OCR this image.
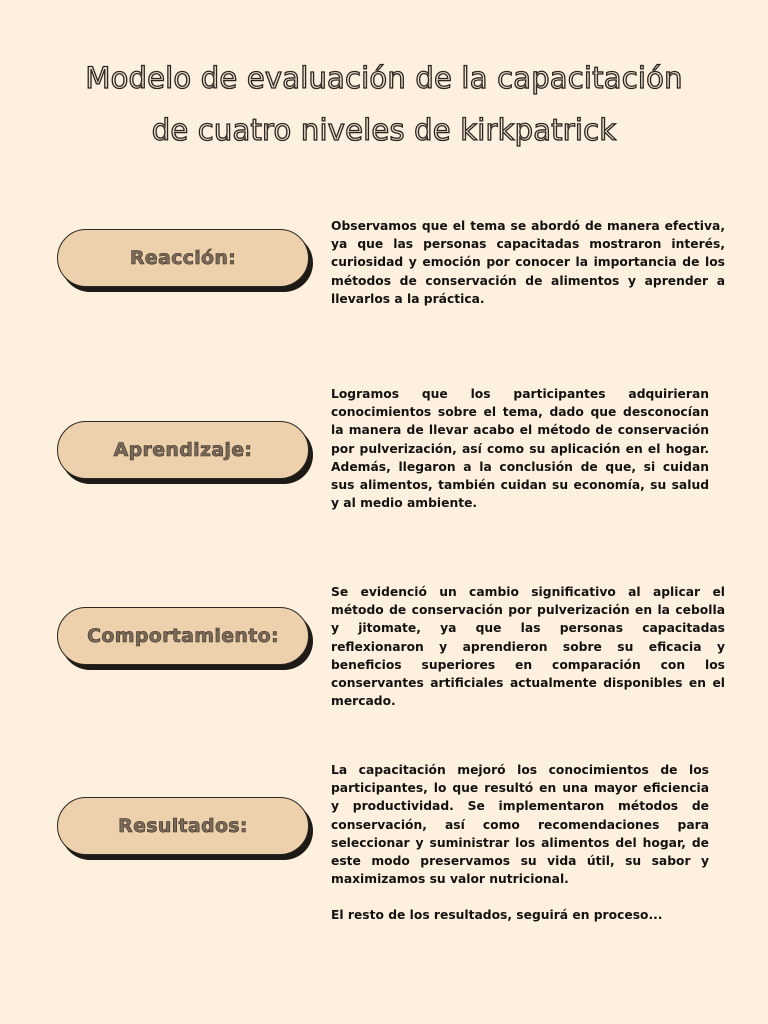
Modelo de evaluación de la capacitación
de cuatro niveles de kirkpatrick
Reacción:

Observamos que el tema se abordó de manera efectiva, ya que las personas capacitadas mostraron interés, curiosidad y emoción por conocer la importancia de los métodos de conservación de alimentos y aprender a llevarlos a la práctica.

Aprendizaje:

Logramos que los participantes adquirieran conocimientos sobre el tema, dado que desconocían la manera de llevar acabo el método de conservación por pulverización, así como su aplicación en el hogar. Además, llegaron a la conclusión de que, si cuidan sus alimentos, también cuidan su economía, su salud y al medio ambiente.

Comportamiento:

Se evidenció un cambio significativo al aplicar el método de conservación por pulverización en la cebolla y jitomate, ya que las personas capacitadas reflexionaron y aprendieron sobre su eficacia y beneficios superiores en comparación con los conservantes artificiales actualmente disponibles en el mercado.

Resultados:

La capacitación mejoró los conocimientos de los participantes, lo que resultó en una mayor eficiencia y productividad. Se implementaron métodos de conservación, así como recomendaciones para seleccionar y suministrar los alimentos del hogar, de este modo preservamos su vida útil, su sabor y maximizamos su valor nutricional.

El resto de los resultados, seguirá en proceso...
